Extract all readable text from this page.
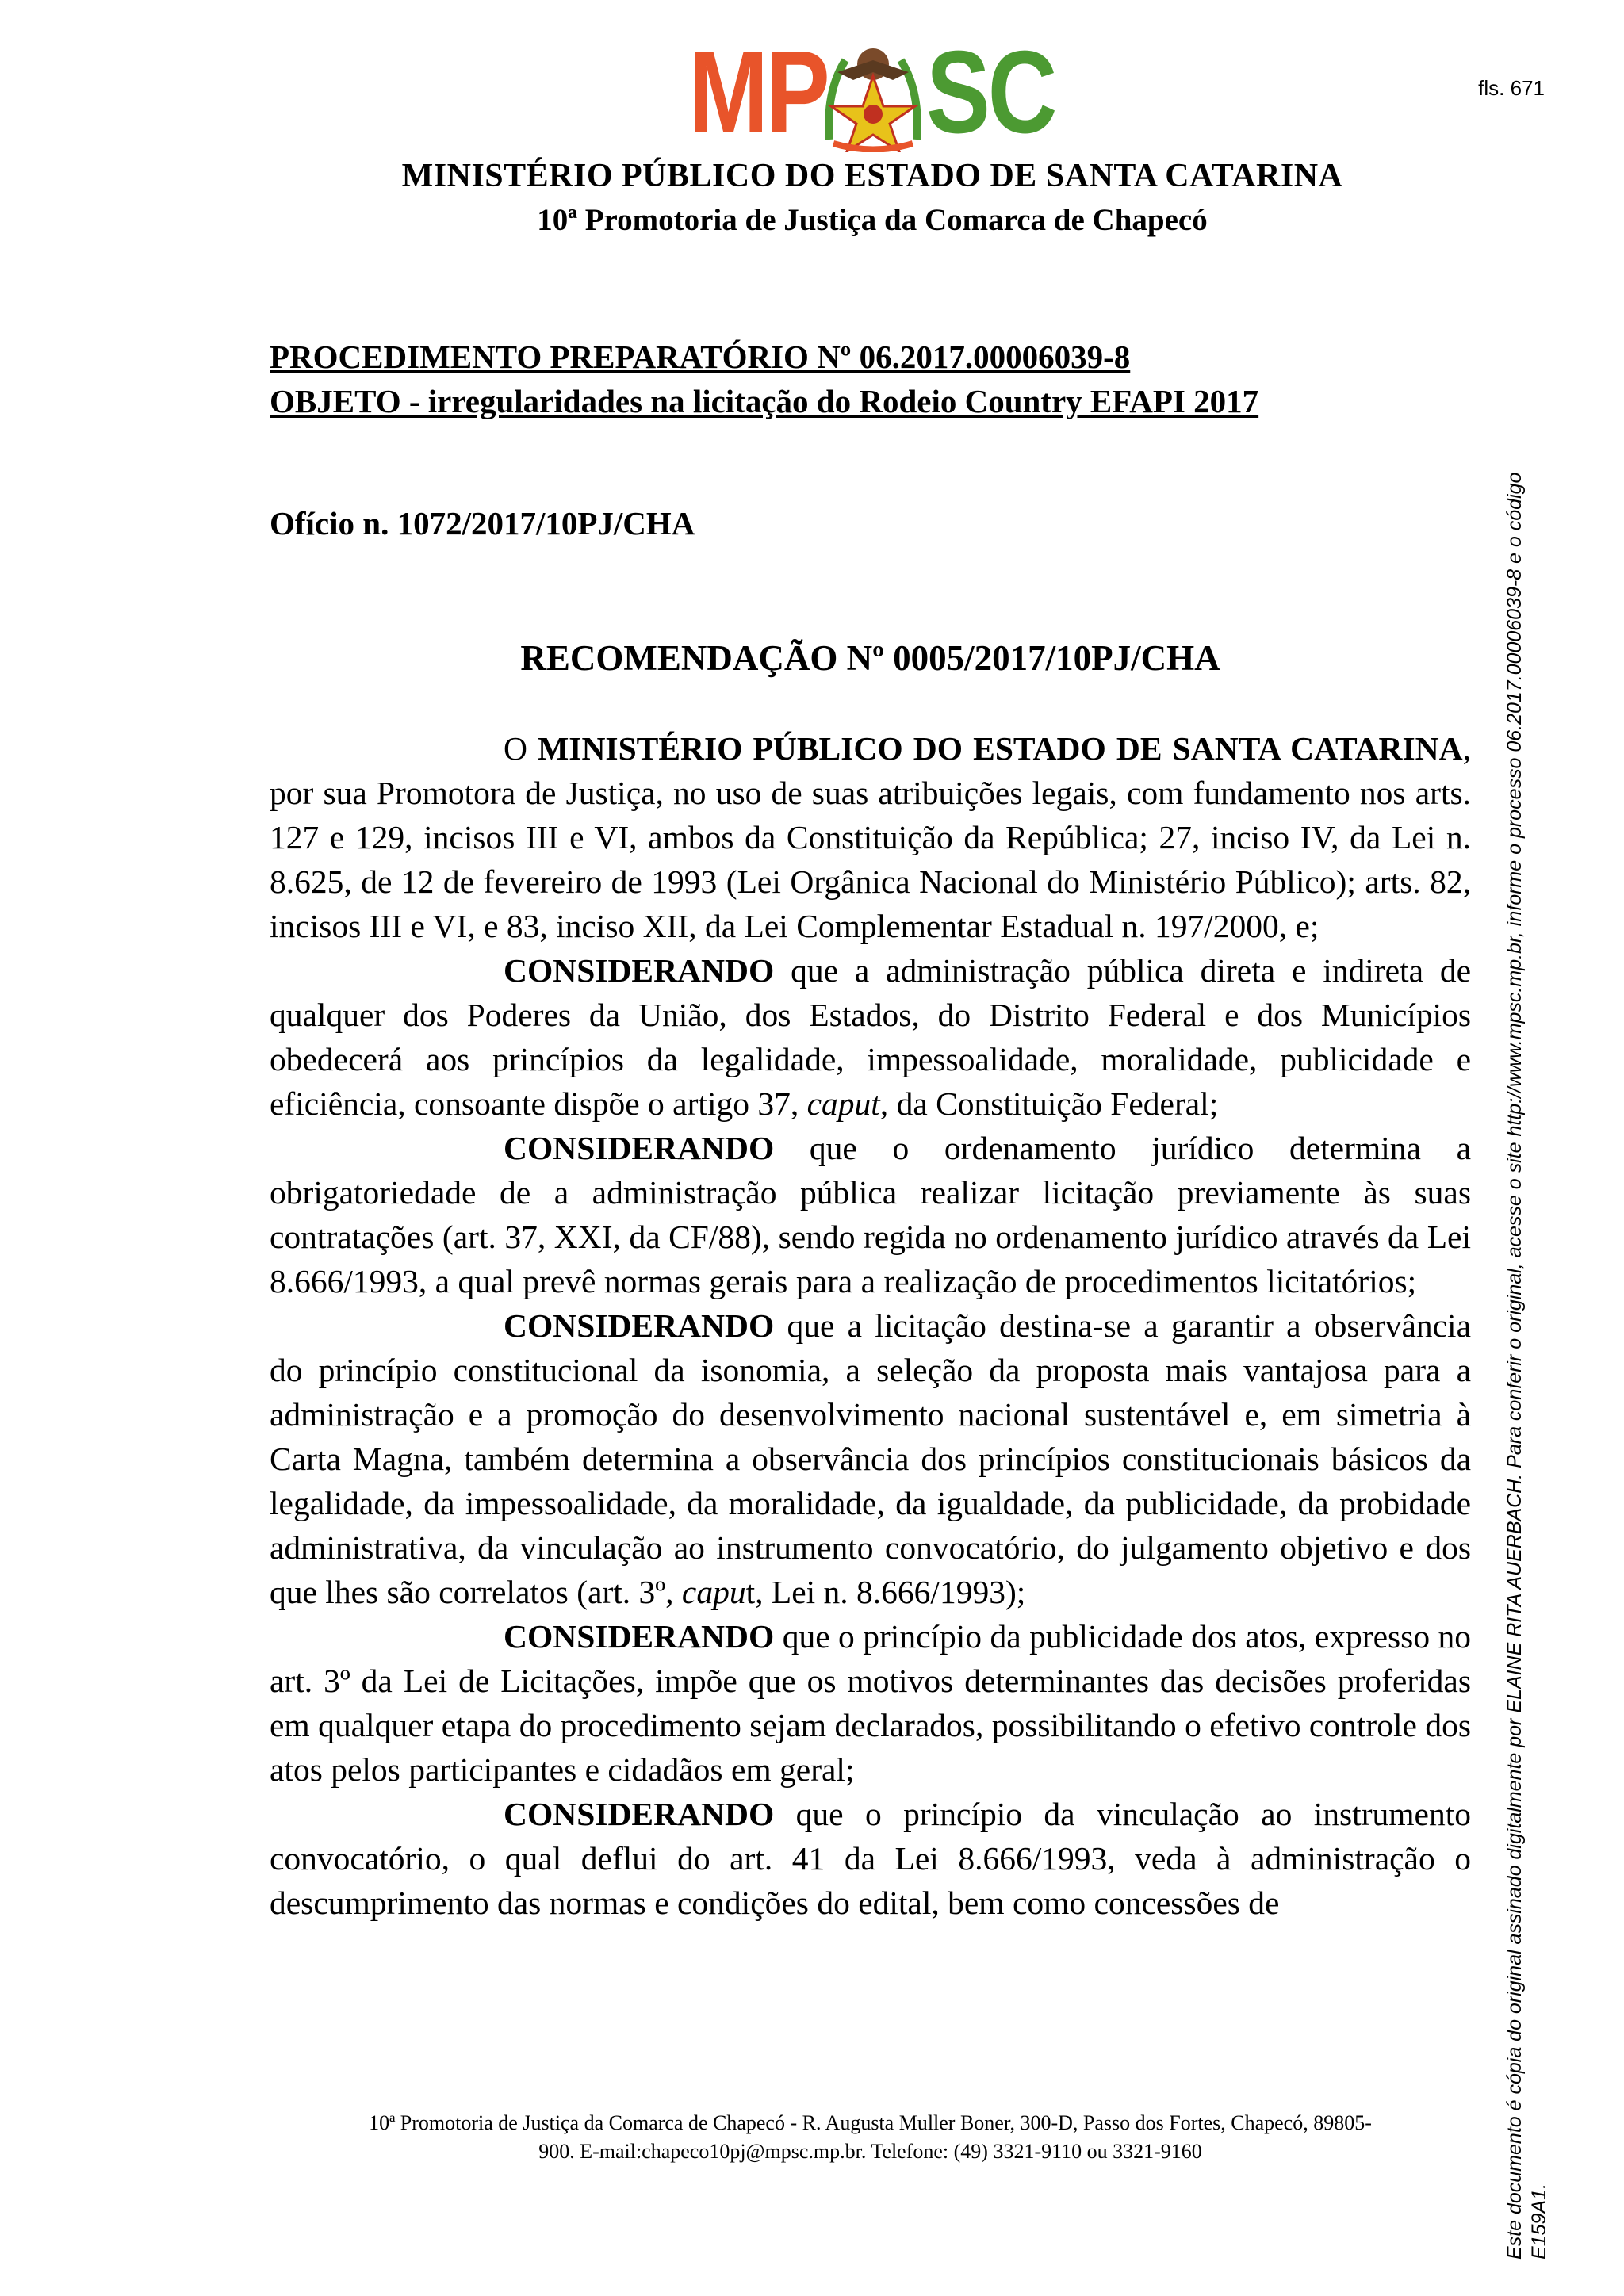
MP SC	fls. 671
MINISTÉRIO PÚBLICO DO ESTADO DE SANTA CATARINA
10ª Promotoria de Justiça da Comarca de Chapecó
PROCEDIMENTO PREPARATÓRIO Nº 06.2017.00006039-8
OBJETO - irregularidades na licitação do Rodeio Country EFAPI 2017
Ofício n. 1072/2017/10PJ/CHA
RECOMENDAÇÃO Nº 0005/2017/10PJ/CHA

O MINISTÉRIO PÚBLICO DO ESTADO DE SANTA CATARINA, por sua Promotora de Justiça, no uso de suas atribuições legais, com fundamento nos arts. 127 e 129, incisos III e VI, ambos da Constituição da República; 27, inciso IV, da Lei n. 8.625, de 12 de fevereiro de 1993 (Lei Orgânica Nacional do Ministério Público); arts. 82, incisos III e VI, e 83, inciso XII, da Lei Complementar Estadual n. 197/2000, e;

CONSIDERANDO que a administração pública direta e indireta de qualquer dos Poderes da União, dos Estados, do Distrito Federal e dos Municípios obedecerá aos princípios da legalidade, impessoalidade, moralidade, publicidade e eficiência, consoante dispõe o artigo 37, caput, da Constituição Federal;

CONSIDERANDO que o ordenamento jurídico determina a obrigatoriedade de a administração pública realizar licitação previamente às suas contratações (art. 37, XXI, da CF/88), sendo regida no ordenamento jurídico através da Lei 8.666/1993, a qual prevê normas gerais para a realização de procedimentos licitatórios;

CONSIDERANDO que a licitação destina-se a garantir a observância do princípio constitucional da isonomia, a seleção da proposta mais vantajosa para a administração e a promoção do desenvolvimento nacional sustentável e, em simetria à Carta Magna, também determina a observância dos princípios constitucionais básicos da legalidade, da impessoalidade, da moralidade, da igualdade, da publicidade, da probidade administrativa, da vinculação ao instrumento convocatório, do julgamento objetivo e dos que lhes são correlatos (art. 3º, caput, Lei n. 8.666/1993);

CONSIDERANDO que o princípio da publicidade dos atos, expresso no art. 3º da Lei de Licitações, impõe que os motivos determinantes das decisões proferidas em qualquer etapa do procedimento sejam declarados, possibilitando o efetivo controle dos atos pelos participantes e cidadãos em geral;

CONSIDERANDO que o princípio da vinculação ao instrumento convocatório, o qual deflui do art. 41 da Lei 8.666/1993, veda à administração o descumprimento das normas e condições do edital, bem como concessões de

10ª Promotoria de Justiça da Comarca de Chapecó - R. Augusta Muller Boner, 300-D, Passo dos Fortes, Chapecó, 89805-
900. E-mail:chapeco10pj@mpsc.mp.br. Telefone: (49) 3321-9110 ou 3321-9160	Este documento é cópia do original assinado digitalmente por ELAINE RITA AUERBACH. Para conferir o original, acesse o site http://www.mpsc.mp.br, informe o processo 06.2017.00006039-8 e o código E159A1.
